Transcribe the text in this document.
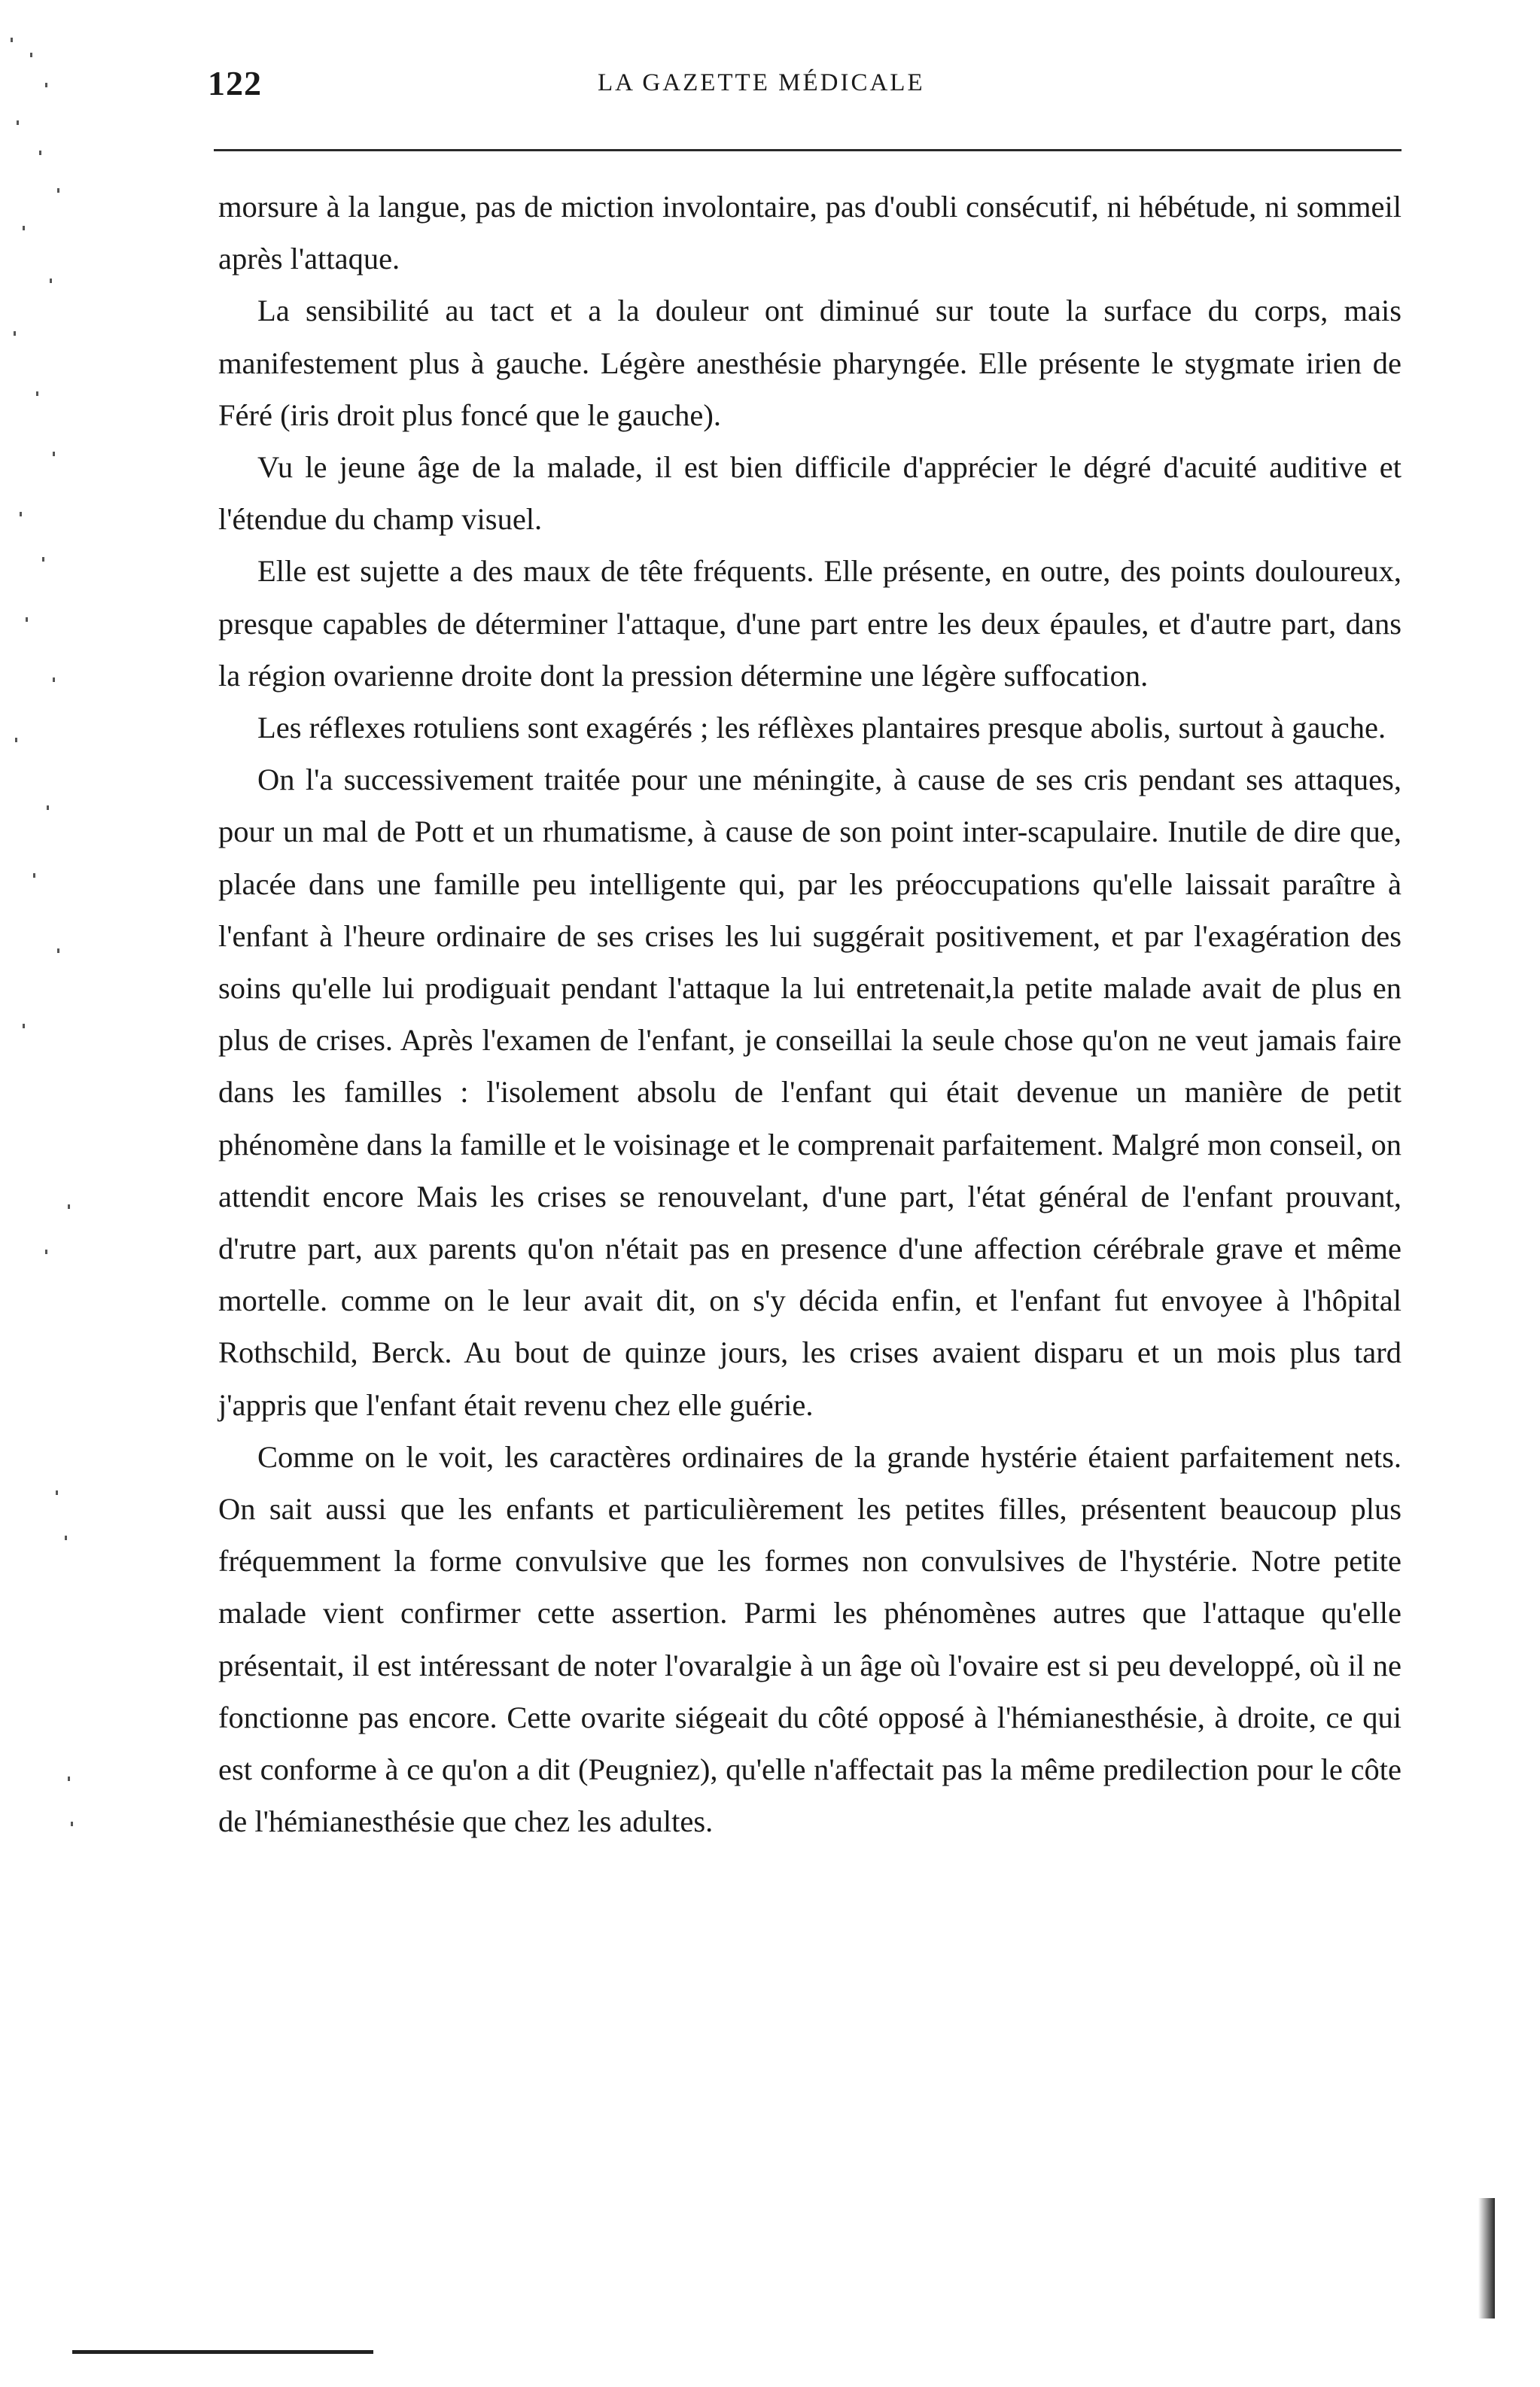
122	LA GAZETTE MÉDICALE

morsure à la langue, pas de miction involontaire, pas d'oubli consécutif, ni hébétude, ni sommeil après l'attaque.

La sensibilité au tact et a la douleur ont diminué sur toute la surface du corps, mais manifestement plus à gauche. Légère anesthésie pharyngée. Elle présente le stygmate irien de Féré (iris droit plus foncé que le gauche).

Vu le jeune âge de la malade, il est bien difficile d'apprécier le dégré d'acuité auditive et l'étendue du champ visuel.

Elle est sujette a des maux de tête fréquents. Elle présente, en outre, des points douloureux, presque capables de déterminer l'attaque, d'une part entre les deux épaules, et d'autre part, dans la région ovarienne droite dont la pression détermine une légère suffocation.

Les réflexes rotuliens sont exagérés ; les réflèxes plantaires presque abolis, surtout à gauche.

On l'a successivement traitée pour une méningite, à cause de ses cris pendant ses attaques, pour un mal de Pott et un rhumatisme, à cause de son point inter-scapulaire. Inutile de dire que, placée dans une famille peu intelligente qui, par les préoccupations qu'elle laissait paraître à l'enfant à l'heure ordinaire de ses crises les lui suggérait positivement, et par l'exagération des soins qu'elle lui prodiguait pendant l'attaque la lui entretenait,la petite malade avait de plus en plus de crises. Après l'examen de l'enfant, je conseillai la seule chose qu'on ne veut jamais faire dans les familles : l'isolement absolu de l'enfant qui était devenue un manière de petit phénomène dans la famille et le voisinage et le comprenait parfaitement. Malgré mon conseil, on attendit encore Mais les crises se renouvelant, d'une part, l'état général de l'enfant prouvant, d'rutre part, aux parents qu'on n'était pas en presence d'une affection cérébrale grave et même mortelle. comme on le leur avait dit, on s'y décida enfin, et l'enfant fut envoyee à l'hôpital Rothschild, Berck. Au bout de quinze jours, les crises avaient disparu et un mois plus tard j'appris que l'enfant était revenu chez elle guérie.

Comme on le voit, les caractères ordinaires de la grande hystérie étaient parfaitement nets. On sait aussi que les enfants et particulièrement les petites filles, présentent beaucoup plus fréquemment la forme convulsive que les formes non convulsives de l'hystérie. Notre petite malade vient confirmer cette assertion. Parmi les phénomènes autres que l'attaque qu'elle présentait, il est intéressant de noter l'ovaralgie à un âge où l'ovaire est si peu developpé, où il ne fonctionne pas encore. Cette ovarite siégeait du côté opposé à l'hémianesthésie, à droite, ce qui est conforme à ce qu'on a dit (Peugniez), qu'elle n'affectait pas la même predilection pour le côte de l'hémianesthésie que chez les adultes.
